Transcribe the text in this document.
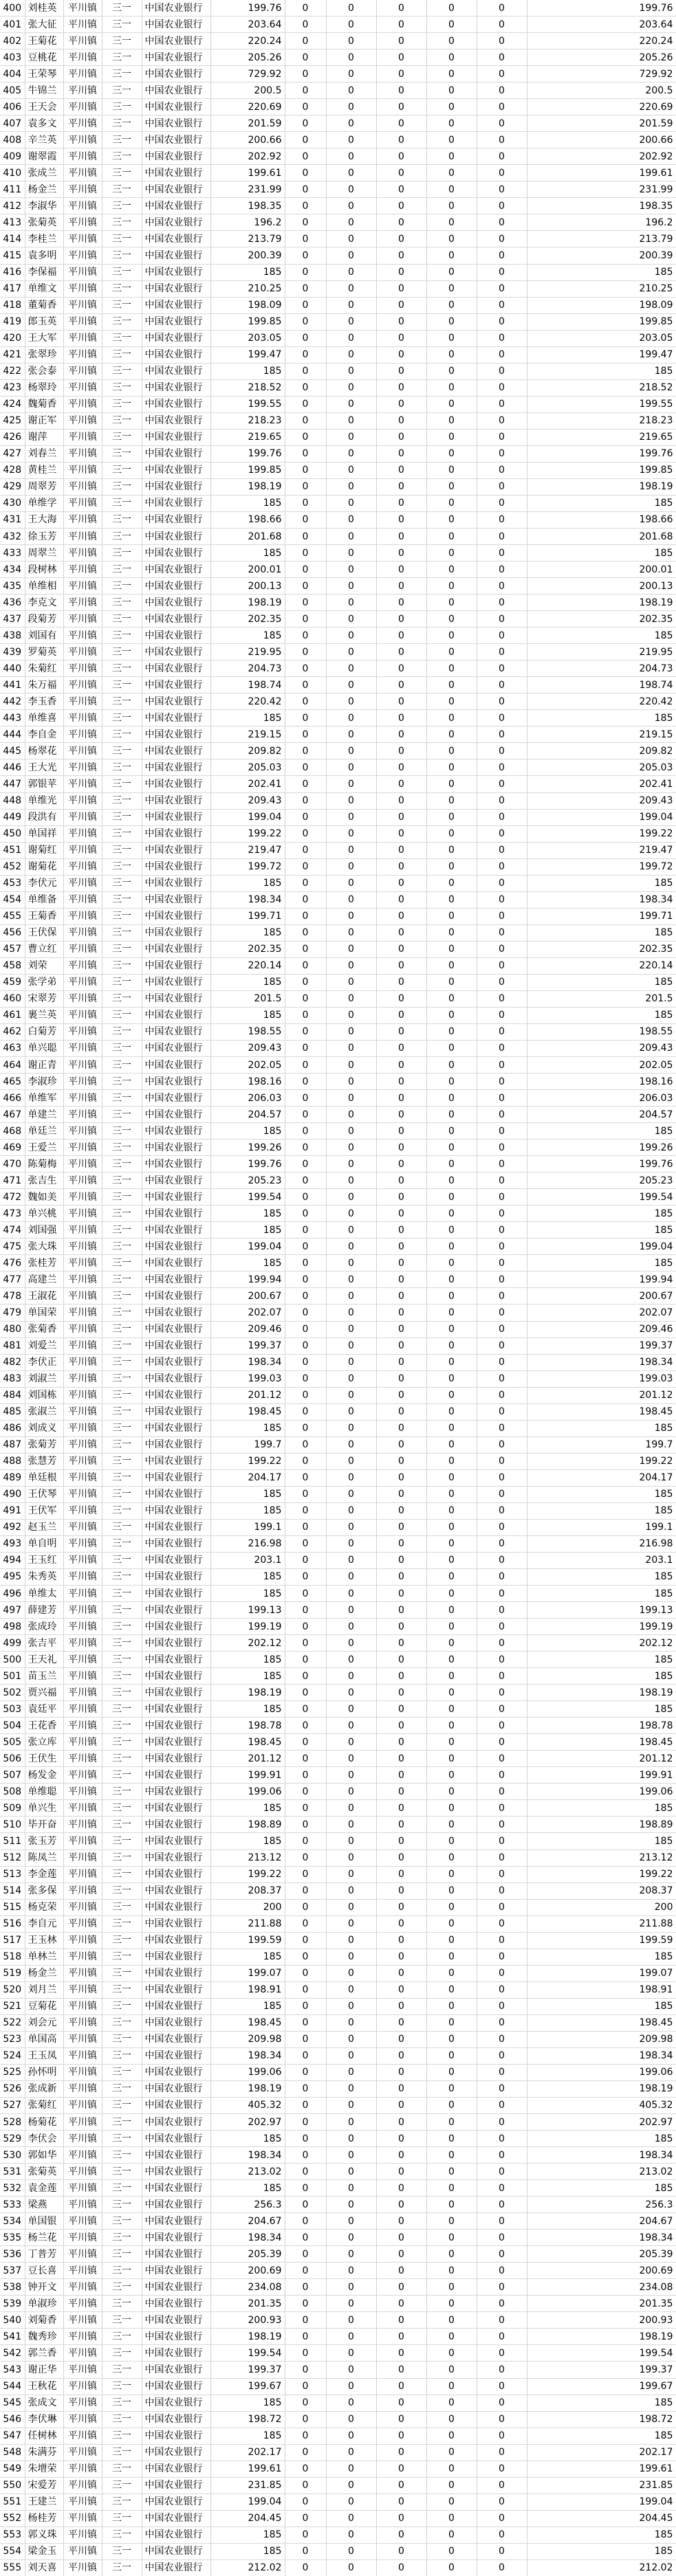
400	刘桂英	平川镇	三一	中国农业银行	199.76	0	0	0	0	0	199.76
401	张大征	平川镇	三一	中国农业银行	203.64	0	0	0	0	0	203.64
402	王菊花	平川镇	三一	中国农业银行	220.24	0	0	0	0	0	220.24
403	豆桃花	平川镇	三一	中国农业银行	205.26	0	0	0	0	0	205.26
404	王荣琴	平川镇	三一	中国农业银行	729.92	0	0	0	0	0	729.92
405	牛锦兰	平川镇	三一	中国农业银行	200.5	0	0	0	0	0	200.5
406	王天会	平川镇	三一	中国农业银行	220.69	0	0	0	0	0	220.69
407	袁多文	平川镇	三一	中国农业银行	201.59	0	0	0	0	0	201.59
408	辛兰英	平川镇	三一	中国农业银行	200.66	0	0	0	0	0	200.66
409	谢翠霞	平川镇	三一	中国农业银行	202.92	0	0	0	0	0	202.92
410	张成兰	平川镇	三一	中国农业银行	199.61	0	0	0	0	0	199.61
411	杨金兰	平川镇	三一	中国农业银行	231.99	0	0	0	0	0	231.99
412	李淑华	平川镇	三一	中国农业银行	198.35	0	0	0	0	0	198.35
413	张菊英	平川镇	三一	中国农业银行	196.2	0	0	0	0	0	196.2
414	李桂兰	平川镇	三一	中国农业银行	213.79	0	0	0	0	0	213.79
415	袁多明	平川镇	三一	中国农业银行	200.39	0	0	0	0	0	200.39
416	李保福	平川镇	三一	中国农业银行	185	0	0	0	0	0	185
417	单维文	平川镇	三一	中国农业银行	210.25	0	0	0	0	0	210.25
418	董菊香	平川镇	三一	中国农业银行	198.09	0	0	0	0	0	198.09
419	郎玉英	平川镇	三一	中国农业银行	199.85	0	0	0	0	0	199.85
420	王大军	平川镇	三一	中国农业银行	203.05	0	0	0	0	0	203.05
421	张翠珍	平川镇	三一	中国农业银行	199.47	0	0	0	0	0	199.47
422	张会泰	平川镇	三一	中国农业银行	185	0	0	0	0	0	185
423	杨翠玲	平川镇	三一	中国农业银行	218.52	0	0	0	0	0	218.52
424	魏菊香	平川镇	三一	中国农业银行	199.55	0	0	0	0	0	199.55
425	谢正军	平川镇	三一	中国农业银行	218.23	0	0	0	0	0	218.23
426	谢萍	平川镇	三一	中国农业银行	219.65	0	0	0	0	0	219.65
427	刘春兰	平川镇	三一	中国农业银行	199.76	0	0	0	0	0	199.76
428	黄桂兰	平川镇	三一	中国农业银行	199.85	0	0	0	0	0	199.85
429	周翠芳	平川镇	三一	中国农业银行	198.19	0	0	0	0	0	198.19
430	单维学	平川镇	三一	中国农业银行	185	0	0	0	0	0	185
431	王大海	平川镇	三一	中国农业银行	198.66	0	0	0	0	0	198.66
432	徐玉芳	平川镇	三一	中国农业银行	201.68	0	0	0	0	0	201.68
433	周翠兰	平川镇	三一	中国农业银行	185	0	0	0	0	0	185
434	段树林	平川镇	三一	中国农业银行	200.01	0	0	0	0	0	200.01
435	单维相	平川镇	三一	中国农业银行	200.13	0	0	0	0	0	200.13
436	李克文	平川镇	三一	中国农业银行	198.19	0	0	0	0	0	198.19
437	段菊芳	平川镇	三一	中国农业银行	202.35	0	0	0	0	0	202.35
438	刘国有	平川镇	三一	中国农业银行	185	0	0	0	0	0	185
439	罗菊英	平川镇	三一	中国农业银行	219.95	0	0	0	0	0	219.95
440	朱菊红	平川镇	三一	中国农业银行	204.73	0	0	0	0	0	204.73
441	朱万福	平川镇	三一	中国农业银行	198.74	0	0	0	0	0	198.74
442	李玉香	平川镇	三一	中国农业银行	220.42	0	0	0	0	0	220.42
443	单维喜	平川镇	三一	中国农业银行	185	0	0	0	0	0	185
444	李自金	平川镇	三一	中国农业银行	219.15	0	0	0	0	0	219.15
445	杨翠花	平川镇	三一	中国农业银行	209.82	0	0	0	0	0	209.82
446	王大光	平川镇	三一	中国农业银行	205.03	0	0	0	0	0	205.03
447	郭银苹	平川镇	三一	中国农业银行	202.41	0	0	0	0	0	202.41
448	单维光	平川镇	三一	中国农业银行	209.43	0	0	0	0	0	209.43
449	段洪有	平川镇	三一	中国农业银行	199.04	0	0	0	0	0	199.04
450	单国祥	平川镇	三一	中国农业银行	199.22	0	0	0	0	0	199.22
451	谢菊红	平川镇	三一	中国农业银行	219.47	0	0	0	0	0	219.47
452	谢菊花	平川镇	三一	中国农业银行	199.72	0	0	0	0	0	199.72
453	李伏元	平川镇	三一	中国农业银行	185	0	0	0	0	0	185
454	单维备	平川镇	三一	中国农业银行	198.34	0	0	0	0	0	198.34
455	王菊香	平川镇	三一	中国农业银行	199.71	0	0	0	0	0	199.71
456	王伏保	平川镇	三一	中国农业银行	185	0	0	0	0	0	185
457	曹立红	平川镇	三一	中国农业银行	202.35	0	0	0	0	0	202.35
458	刘荣	平川镇	三一	中国农业银行	220.14	0	0	0	0	0	220.14
459	张学弟	平川镇	三一	中国农业银行	185	0	0	0	0	0	185
460	宋翠芳	平川镇	三一	中国农业银行	201.5	0	0	0	0	0	201.5
461	裹兰英	平川镇	三一	中国农业银行	185	0	0	0	0	0	185
462	白菊芳	平川镇	三一	中国农业银行	198.55	0	0	0	0	0	198.55
463	单兴聪	平川镇	三一	中国农业银行	209.43	0	0	0	0	0	209.43
464	谢正青	平川镇	三一	中国农业银行	202.05	0	0	0	0	0	202.05
465	李淑珍	平川镇	三一	中国农业银行	198.16	0	0	0	0	0	198.16
466	单维军	平川镇	三一	中国农业银行	206.03	0	0	0	0	0	206.03
467	单建兰	平川镇	三一	中国农业银行	204.57	0	0	0	0	0	204.57
468	单廷兰	平川镇	三一	中国农业银行	185	0	0	0	0	0	185
469	王爱兰	平川镇	三一	中国农业银行	199.26	0	0	0	0	0	199.26
470	陈菊梅	平川镇	三一	中国农业银行	199.76	0	0	0	0	0	199.76
471	张吉生	平川镇	三一	中国农业银行	205.23	0	0	0	0	0	205.23
472	魏如美	平川镇	三一	中国农业银行	199.54	0	0	0	0	0	199.54
473	单兴桃	平川镇	三一	中国农业银行	185	0	0	0	0	0	185
474	刘国强	平川镇	三一	中国农业银行	185	0	0	0	0	0	185
475	张大珠	平川镇	三一	中国农业银行	199.04	0	0	0	0	0	199.04
476	张桂芳	平川镇	三一	中国农业银行	185	0	0	0	0	0	185
477	高建兰	平川镇	三一	中国农业银行	199.94	0	0	0	0	0	199.94
478	王淑花	平川镇	三一	中国农业银行	200.67	0	0	0	0	0	200.67
479	单国荣	平川镇	三一	中国农业银行	202.07	0	0	0	0	0	202.07
480	张菊香	平川镇	三一	中国农业银行	209.46	0	0	0	0	0	209.46
481	刘爱兰	平川镇	三一	中国农业银行	199.37	0	0	0	0	0	199.37
482	李伏正	平川镇	三一	中国农业银行	198.34	0	0	0	0	0	198.34
483	刘淑兰	平川镇	三一	中国农业银行	199.03	0	0	0	0	0	199.03
484	刘国栋	平川镇	三一	中国农业银行	201.12	0	0	0	0	0	201.12
485	张淑兰	平川镇	三一	中国农业银行	198.45	0	0	0	0	0	198.45
486	刘成义	平川镇	三一	中国农业银行	185	0	0	0	0	0	185
487	张菊芳	平川镇	三一	中国农业银行	199.7	0	0	0	0	0	199.7
488	张慧芳	平川镇	三一	中国农业银行	199.22	0	0	0	0	0	199.22
489	单廷根	平川镇	三一	中国农业银行	204.17	0	0	0	0	0	204.17
490	王伏琴	平川镇	三一	中国农业银行	185	0	0	0	0	0	185
491	王伏军	平川镇	三一	中国农业银行	185	0	0	0	0	0	185
492	赵玉兰	平川镇	三一	中国农业银行	199.1	0	0	0	0	0	199.1
493	单自明	平川镇	三一	中国农业银行	216.98	0	0	0	0	0	216.98
494	王玉红	平川镇	三一	中国农业银行	203.1	0	0	0	0	0	203.1
495	朱秀英	平川镇	三一	中国农业银行	185	0	0	0	0	0	185
496	单维太	平川镇	三一	中国农业银行	185	0	0	0	0	0	185
497	薛建芳	平川镇	三一	中国农业银行	199.13	0	0	0	0	0	199.13
498	张成玲	平川镇	三一	中国农业银行	199.19	0	0	0	0	0	199.19
499	张吉平	平川镇	三一	中国农业银行	202.12	0	0	0	0	0	202.12
500	王天礼	平川镇	三一	中国农业银行	185	0	0	0	0	0	185
501	苗玉兰	平川镇	三一	中国农业银行	185	0	0	0	0	0	185
502	贾兴福	平川镇	三一	中国农业银行	198.19	0	0	0	0	0	198.19
503	袁廷平	平川镇	三一	中国农业银行	185	0	0	0	0	0	185
504	王花香	平川镇	三一	中国农业银行	198.78	0	0	0	0	0	198.78
505	张立库	平川镇	三一	中国农业银行	198.45	0	0	0	0	0	198.45
506	王伏生	平川镇	三一	中国农业银行	201.12	0	0	0	0	0	201.12
507	杨发金	平川镇	三一	中国农业银行	199.91	0	0	0	0	0	199.91
508	单维聪	平川镇	三一	中国农业银行	199.06	0	0	0	0	0	199.06
509	单兴生	平川镇	三一	中国农业银行	185	0	0	0	0	0	185
510	毕开奋	平川镇	三一	中国农业银行	198.89	0	0	0	0	0	198.89
511	张玉芳	平川镇	三一	中国农业银行	185	0	0	0	0	0	185
512	陈凤兰	平川镇	三一	中国农业银行	213.12	0	0	0	0	0	213.12
513	李金莲	平川镇	三一	中国农业银行	199.22	0	0	0	0	0	199.22
514	张多保	平川镇	三一	中国农业银行	208.37	0	0	0	0	0	208.37
515	杨克荣	平川镇	三一	中国农业银行	200	0	0	0	0	0	200
516	李自元	平川镇	三一	中国农业银行	211.88	0	0	0	0	0	211.88
517	王玉林	平川镇	三一	中国农业银行	199.59	0	0	0	0	0	199.59
518	单林兰	平川镇	三一	中国农业银行	185	0	0	0	0	0	185
519	杨金兰	平川镇	三一	中国农业银行	199.07	0	0	0	0	0	199.07
520	刘月兰	平川镇	三一	中国农业银行	198.91	0	0	0	0	0	198.91
521	豆菊花	平川镇	三一	中国农业银行	185	0	0	0	0	0	185
522	刘会元	平川镇	三一	中国农业银行	198.45	0	0	0	0	0	198.45
523	单国高	平川镇	三一	中国农业银行	209.98	0	0	0	0	0	209.98
524	王玉凤	平川镇	三一	中国农业银行	198.34	0	0	0	0	0	198.34
525	孙怀明	平川镇	三一	中国农业银行	199.06	0	0	0	0	0	199.06
526	张成新	平川镇	三一	中国农业银行	198.19	0	0	0	0	0	198.19
527	张菊红	平川镇	三一	中国农业银行	405.32	0	0	0	0	0	405.32
528	杨菊花	平川镇	三一	中国农业银行	202.97	0	0	0	0	0	202.97
529	李伏会	平川镇	三一	中国农业银行	185	0	0	0	0	0	185
530	郭如华	平川镇	三一	中国农业银行	198.34	0	0	0	0	0	198.34
531	张菊英	平川镇	三一	中国农业银行	213.02	0	0	0	0	0	213.02
532	袁金莲	平川镇	三一	中国农业银行	185	0	0	0	0	0	185
533	梁燕	平川镇	三一	中国农业银行	256.3	0	0	0	0	0	256.3
534	单国银	平川镇	三一	中国农业银行	204.67	0	0	0	0	0	204.67
535	杨兰花	平川镇	三一	中国农业银行	198.34	0	0	0	0	0	198.34
536	丁普芳	平川镇	三一	中国农业银行	205.39	0	0	0	0	0	205.39
537	豆长喜	平川镇	三一	中国农业银行	200.69	0	0	0	0	0	200.69
538	钟开文	平川镇	三一	中国农业银行	234.08	0	0	0	0	0	234.08
539	单淑珍	平川镇	三一	中国农业银行	201.35	0	0	0	0	0	201.35
540	刘菊香	平川镇	三一	中国农业银行	200.93	0	0	0	0	0	200.93
541	魏秀珍	平川镇	三一	中国农业银行	198.19	0	0	0	0	0	198.19
542	郭兰香	平川镇	三一	中国农业银行	199.54	0	0	0	0	0	199.54
543	谢正华	平川镇	三一	中国农业银行	199.37	0	0	0	0	0	199.37
544	王秋花	平川镇	三一	中国农业银行	199.67	0	0	0	0	0	199.67
545	张成文	平川镇	三一	中国农业银行	185	0	0	0	0	0	185
546	李伏琳	平川镇	三一	中国农业银行	198.72	0	0	0	0	0	198.72
547	任树林	平川镇	三一	中国农业银行	185	0	0	0	0	0	185
548	朱满芬	平川镇	三一	中国农业银行	202.17	0	0	0	0	0	202.17
549	朱增荣	平川镇	三一	中国农业银行	199.61	0	0	0	0	0	199.61
550	宋爱芳	平川镇	三一	中国农业银行	231.85	0	0	0	0	0	231.85
551	王建兰	平川镇	三一	中国农业银行	199.04	0	0	0	0	0	199.04
552	杨桂芳	平川镇	三一	中国农业银行	204.45	0	0	0	0	0	204.45
553	郭义珠	平川镇	三一	中国农业银行	185	0	0	0	0	0	185
554	梁金玉	平川镇	三一	中国农业银行	185	0	0	0	0	0	185
555	刘天喜	平川镇	三一	中国农业银行	212.02	0	0	0	0	0	212.02
